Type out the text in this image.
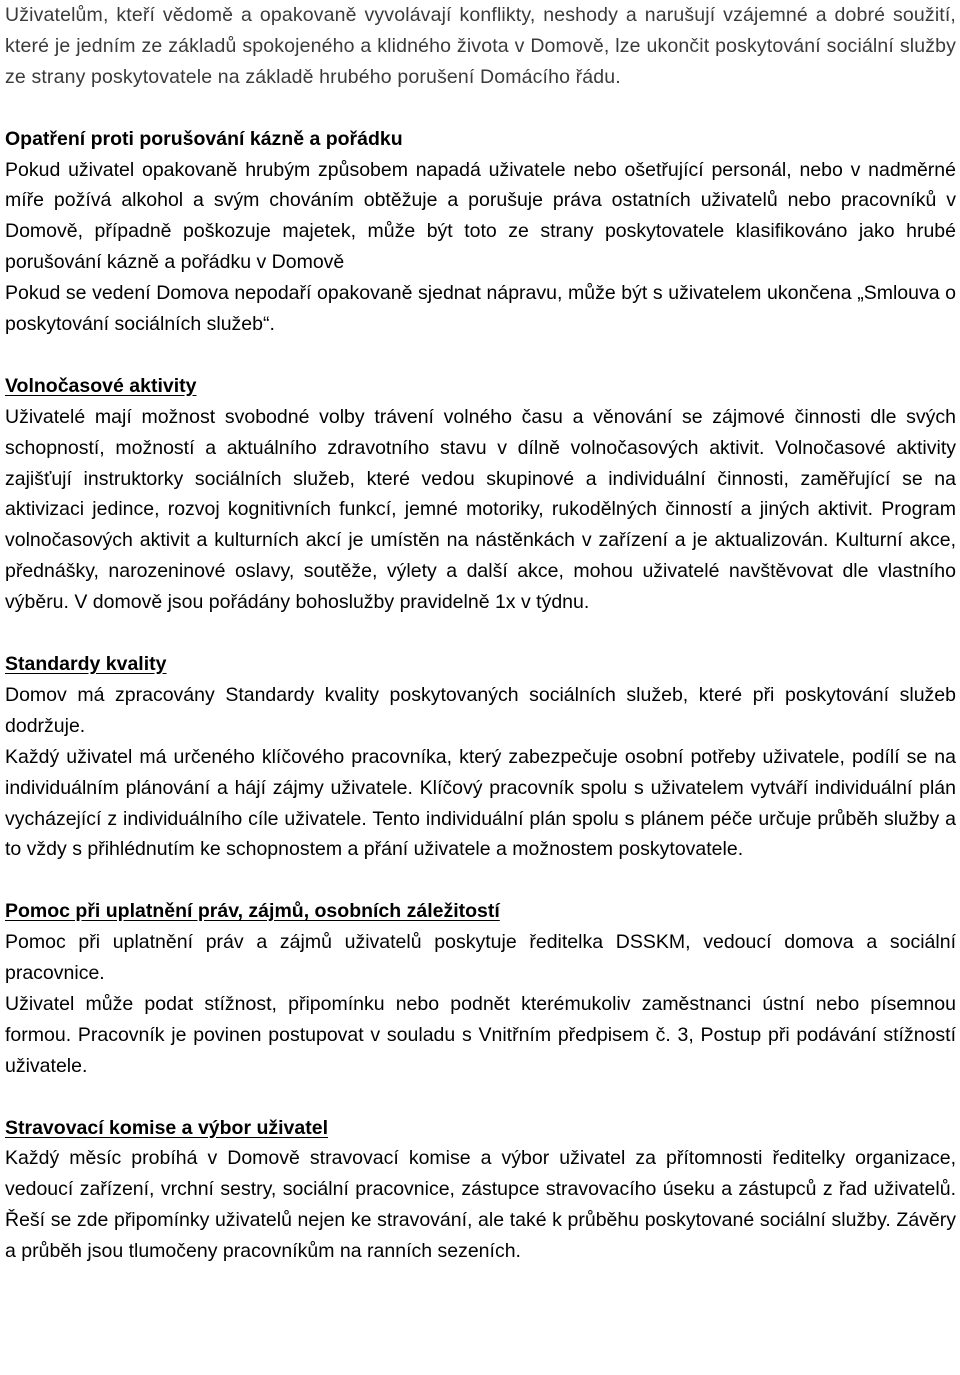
Uživatelům, kteří vědomě a opakovaně vyvolávají konflikty, neshody a narušují vzájemné a dobré soužití, které je jedním ze základů spokojeného a klidného života v Domově, lze ukončit poskytování sociální služby ze strany poskytovatele na základě hrubého porušení Domácího řádu.

Opatření proti porušování kázně a pořádku

Pokud uživatel opakovaně hrubým způsobem napadá uživatele nebo ošetřující personál, nebo v nadměrné míře požívá alkohol a svým chováním obtěžuje a porušuje práva ostatních uživatelů nebo pracovníků v Domově, případně poškozuje majetek, může být toto ze strany poskytovatele klasifikováno jako hrubé porušování kázně a pořádku v Domově

Pokud se vedení Domova nepodaří opakovaně sjednat nápravu, může být s uživatelem ukončena „Smlouva o poskytování sociálních služeb“.

Volnočasové aktivity

Uživatelé mají možnost svobodné volby trávení volného času a věnování se zájmové činnosti dle svých schopností, možností a aktuálního zdravotního stavu v dílně volnočasových aktivit. Volnočasové aktivity zajišťují instruktorky sociálních služeb, které vedou skupinové a individuální činnosti, zaměřující se na aktivizaci jedince, rozvoj kognitivních funkcí, jemné motoriky, rukodělných činností a jiných aktivit. Program volnočasových aktivit a kulturních akcí je umístěn na nástěnkách v zařízení a je aktualizován. Kulturní akce, přednášky, narozeninové oslavy, soutěže, výlety a další akce, mohou uživatelé navštěvovat dle vlastního výběru. V domově jsou pořádány bohoslužby pravidelně 1x v týdnu.

Standardy kvality

Domov má zpracovány Standardy kvality poskytovaných sociálních služeb, které při poskytování služeb dodržuje.

Každý uživatel má určeného klíčového pracovníka, který zabezpečuje osobní potřeby uživatele, podílí se na individuálním plánování a hájí zájmy uživatele. Klíčový pracovník spolu s uživatelem vytváří individuální plán vycházející z individuálního cíle uživatele. Tento individuální plán spolu s plánem péče určuje průběh služby a to vždy s přihlédnutím ke schopnostem a přání uživatele a možnostem poskytovatele.

Pomoc při uplatnění práv, zájmů, osobních záležitostí

Pomoc při uplatnění práv a zájmů uživatelů poskytuje ředitelka DSSKM, vedoucí domova a sociální pracovnice.

Uživatel může podat stížnost, připomínku nebo podnět kterémukoliv zaměstnanci ústní nebo písemnou formou. Pracovník je povinen postupovat v souladu s Vnitřním předpisem č. 3, Postup při podávání stížností uživatele.

Stravovací komise a výbor uživatel

Každý měsíc probíhá v Domově stravovací komise a výbor uživatel za přítomnosti ředitelky organizace, vedoucí zařízení, vrchní sestry, sociální pracovnice, zástupce stravovacího úseku a zástupců z řad uživatelů. Řeší se zde připomínky uživatelů nejen ke stravování, ale také k průběhu poskytované sociální služby. Závěry a průběh jsou tlumočeny pracovníkům na ranních sezeních.
